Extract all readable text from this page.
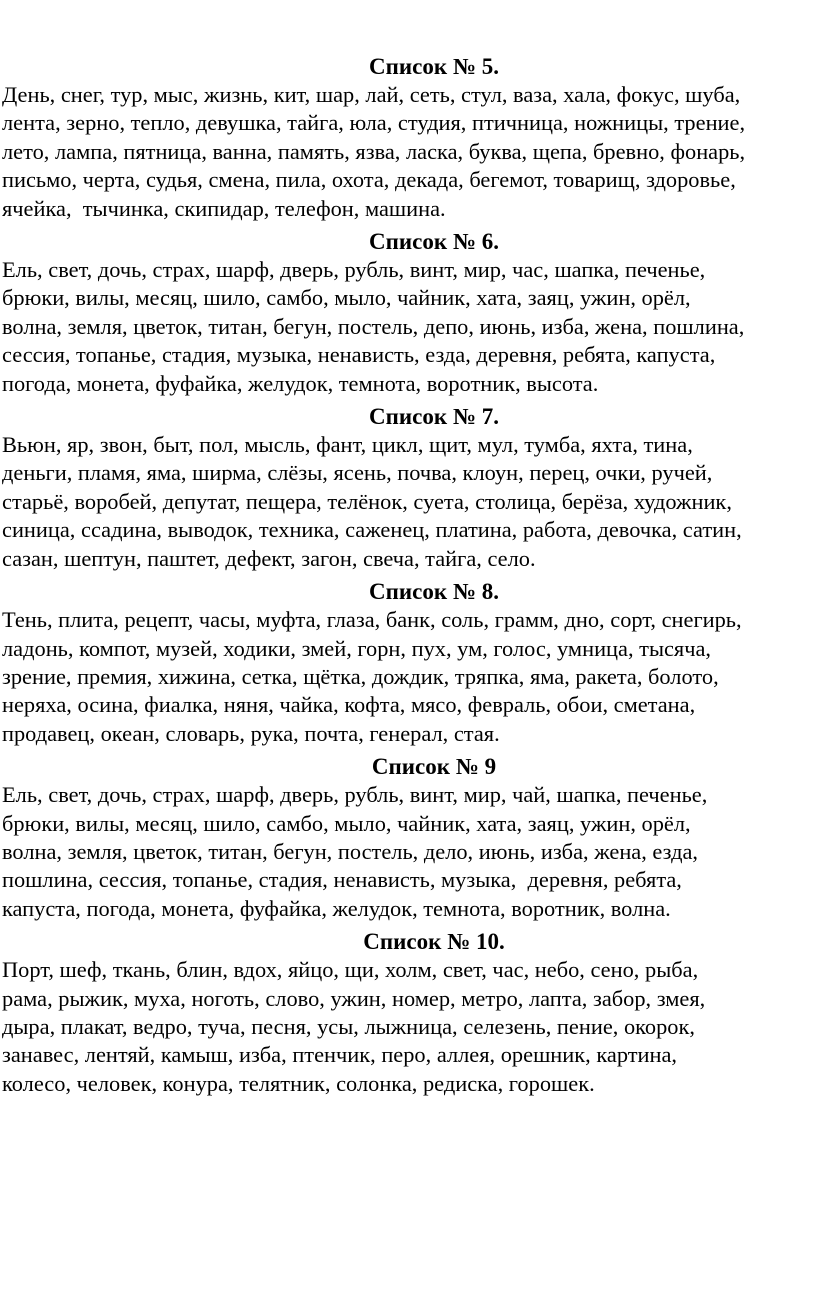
Список № 5.
День, снег, тур, мыс, жизнь, кит, шар, лай, сеть, стул, ваза, хала, фокус, шуба,
лента, зерно, тепло, девушка, тайга, юла, студия, птичница, ножницы, трение,
лето, лампа, пятница, ванна, память, язва, ласка, буква, щепа, бревно, фонарь,
письмо, черта, судья, смена, пила, охота, декада, бегемот, товарищ, здоровье,
ячейка,  тычинка, скипидар, телефон, машина.
Список № 6.
Ель, свет, дочь, страх, шарф, дверь, рубль, винт, мир, час, шапка, печенье,
брюки, вилы, месяц, шило, самбо, мыло, чайник, хата, заяц, ужин, орёл,
волна, земля, цветок, титан, бегун, постель, депо, июнь, изба, жена, пошлина,
сессия, топанье, стадия, музыка, ненависть, езда, деревня, ребята, капуста,
погода, монета, фуфайка, желудок, темнота, воротник, высота.
Список № 7.
Вьюн, яр, звон, быт, пол, мысль, фант, цикл, щит, мул, тумба, яхта, тина,
деньги, пламя, яма, ширма, слёзы, ясень, почва, клоун, перец, очки, ручей,
старьё, воробей, депутат, пещера, телёнок, суета, столица, берёза, художник,
синица, ссадина, выводок, техника, саженец, платина, работа, девочка, сатин,
сазан, шептун, паштет, дефект, загон, свеча, тайга, село.
Список № 8.
Тень, плита, рецепт, часы, муфта, глаза, банк, соль, грамм, дно, сорт, снегирь,
ладонь, компот, музей, ходики, змей, горн, пух, ум, голос, умница, тысяча,
зрение, премия, хижина, сетка, щётка, дождик, тряпка, яма, ракета, болото,
неряха, осина, фиалка, няня, чайка, кофта, мясо, февраль, обои, сметана,
продавец, океан, словарь, рука, почта, генерал, стая.
Список № 9
Ель, свет, дочь, страх, шарф, дверь, рубль, винт, мир, чай, шапка, печенье,
брюки, вилы, месяц, шило, самбо, мыло, чайник, хата, заяц, ужин, орёл,
волна, земля, цветок, титан, бегун, постель, дело, июнь, изба, жена, езда,
пошлина, сессия, топанье, стадия, ненависть, музыка,  деревня, ребята,
капуста, погода, монета, фуфайка, желудок, темнота, воротник, волна.
Список № 10.
Порт, шеф, ткань, блин, вдох, яйцо, щи, холм, свет, час, небо, сено, рыба,
рама, рыжик, муха, ноготь, слово, ужин, номер, метро, лапта, забор, змея,
дыра, плакат, ведро, туча, песня, усы, лыжница, селезень, пение, окорок,
занавес, лентяй, камыш, изба, птенчик, перо, аллея, орешник, картина,
колесо, человек, конура, телятник, солонка, редиска, горошек.
